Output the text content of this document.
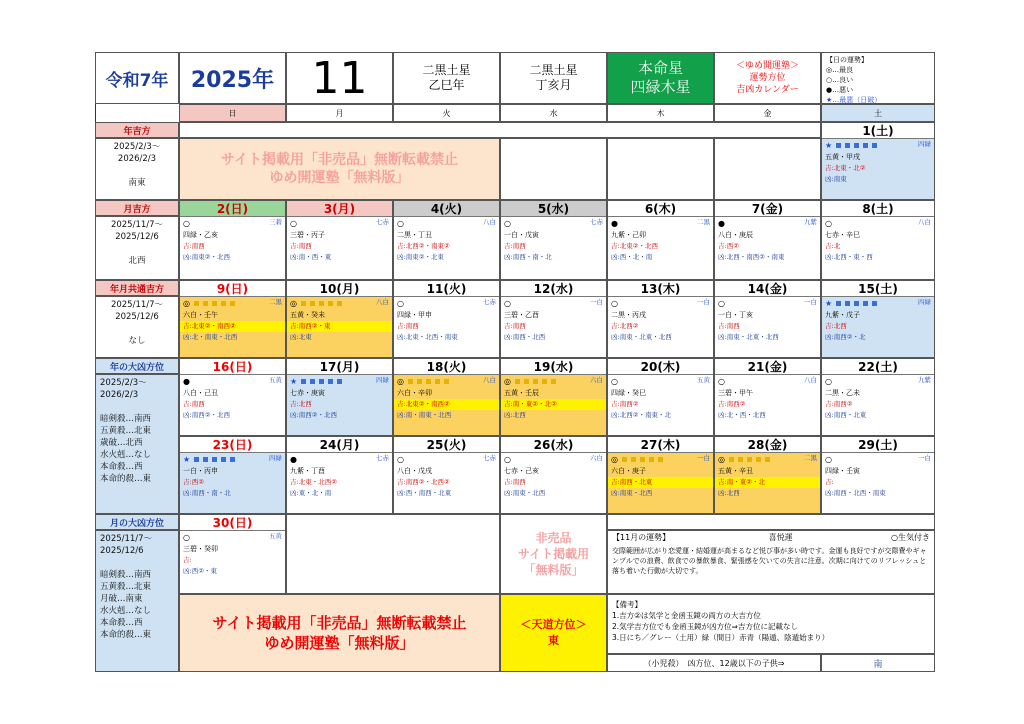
令和7年	2025年 11	二黒土星
乙巳年
二黒土星
丁亥月
本命星
四緑木星
＜ゆめ開運塾＞
運勢方位
吉凶カレンダー
【日の運勢】
◎…最良
○…良い
●…悪い
★…最悪（日破）
日	月	火	水	木	金	土
年吉方
2025/2/3〜
2026/2/3

南東
月吉方
2025/11/7〜
2025/12/6

北西
年月共通吉方
2025/11/7〜
2025/12/6

なし
年の大凶方位
2025/2/3〜
2026/2/3

暗剣殺…南西
五黄殺…北東
歳破…北西
水火剋…なし
本命殺…西
本命的殺…東
月の大凶方位
2025/11/7〜
2025/12/6

暗剣殺…南西
五黄殺…北東
月破…南東
水火剋…なし
本命殺…西
本命的殺…東
サイト掲載用「非売品」無断転載禁止
ゆめ開運塾「無料版」
1(土)
★	四緑
五黄・甲戌
吉:北東・北②
凶:南東
2(日)
○	三碧
四緑・乙亥
吉:南西
凶:南東②・北西
3(月)
○	七赤
三碧・丙子
吉:南西
凶:南・西・東
4(火)
○	八白
二黒・丁丑
吉:北西②・南東②
凶:南東②・北東
5(水)
○	七赤
一白・戊寅
吉:南西
凶:南西・南・北
6(木)
●	二黒
九紫・己卯
吉:北東②・北西
凶:西・北・南
7(金)
●	九紫
八白・庚辰
吉:西②
凶:北西・南西②・南東
8(土)
○	八白
七赤・辛巳
吉:北
凶:北西・東・西
9(日)
◎	二黒
六白・壬午
吉:北東②・南西②
凶:北・南東・北西
10(月)
◎	八白
五黄・癸未
吉:南西②・東
凶:北東
11(火)
○	七赤
四緑・甲申
吉:南西
凶:北東・北西・南東
12(水)
○	一白
三碧・乙酉
吉:南西
凶:南西・北西
13(木)
○	一白
二黒・丙戌
吉:北西②
凶:南東・北東・北西
14(金)
○	一白
一白・丁亥
吉:南西
凶:南東・北東・北西
15(土)
★	四緑
九紫・戊子
吉:北西
凶:南西②・北
16(日)
●	五黄
八白・己丑
吉:南西
凶:南西②・北西
17(月)
★	四緑
七赤・庚寅
吉:北西
凶:南西②・北西
18(火)
◎	八白
六白・辛卯
吉:北東②・南西②
凶:南・南東・北西
19(水)
◎	六白
五黄・壬辰
吉:南・東②・北②
凶:北西
20(木)
○	五黄
四緑・癸巳
吉:南西②
凶:北西②・南東・北
21(金)
○	八白
三碧・甲午
吉:南西②
凶:北・西・北西
22(土)
○	九紫
二黒・乙未
吉:南西②
凶:南西・北東
23(日)
★	四緑
一白・丙申
吉:西②
凶:南西・南・北
24(月)
●	七赤
九紫・丁酉
吉:北東・北西②
凶:東・北・南
25(火)
○	七赤
八白・戊戌
吉:南西②・北西②
凶:西・南西・北東
26(水)
○	六白
七赤・己亥
吉:南西
凶:南東・北西
27(木)
◎	一白
六白・庚子
吉:南西・北東
凶:南東・北西
28(金)
◎	二黒
五黄・辛丑
吉:南・東②・北
凶:北西
29(土)
○	一白
四緑・壬寅
吉:
凶:南西・北西・南東
30(日)
○	五黄
三碧・癸卯
吉:
凶:西②・東
非売品
サイト掲載用
「無料版」
【11月の運勢】	喜悦運	○生気付き
交際範囲が広がり恋愛運・結婚運が高まるなど悦び事が多い時です。金運も良好ですが交際費やギャンブルでの浪費、飲食での暴飲暴食、緊張感を欠いての失言に注意。次期に向けてのリフレッシュと落ち着いた行動が大切です。
【備考】
1.吉方②は気学と金函玉鏡の両方の大吉方位
2.気学吉方位でも金函玉鏡が凶方位⇒吉方位に記載なし
3.日にち／グレー（土用）緑（間日）赤青（陽遁、陰遁始まり）
（小児殺）　凶方位、12歳以下の子供⇒	南
サイト掲載用「非売品」無断転載禁止
ゆめ開運塾「無料版」
＜天道方位＞
東
